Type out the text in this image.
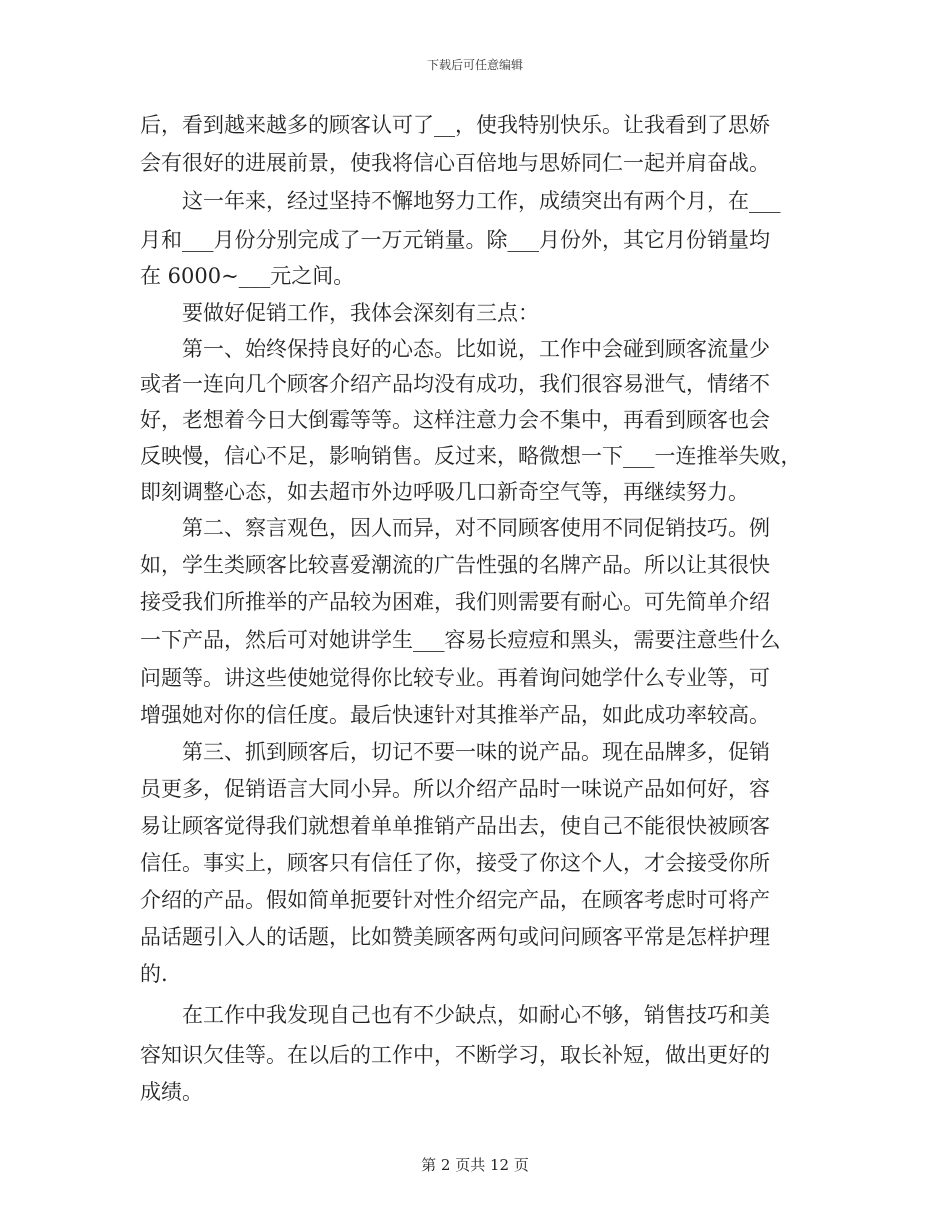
下载后可任意编辑
后，看到越来越多的顾客认可了__，使我特别快乐。让我看到了思娇
会有很好的进展前景，使我将信心百倍地与思娇同仁一起并肩奋战。
　　这一年来，经过坚持不懈地努力工作，成绩突出有两个月，在___
月和___月份分别完成了一万元销量。除___月份外，其它月份销量均
在 6000~___元之间。
　　要做好促销工作，我体会深刻有三点：
　　第一、始终保持良好的心态。比如说，工作中会碰到顾客流量少
或者一连向几个顾客介绍产品均没有成功，我们很容易泄气，情绪不
好，老想着今日大倒霉等等。这样注意力会不集中，再看到顾客也会
反映慢，信心不足，影响销售。反过来，略微想一下___一连推举失败，
即刻调整心态，如去超市外边呼吸几口新奇空气等，再继续努力。
　　第二、察言观色，因人而异，对不同顾客使用不同促销技巧。例
如，学生类顾客比较喜爱潮流的广告性强的名牌产品。所以让其很快
接受我们所推举的产品较为困难，我们则需要有耐心。可先简单介绍
一下产品，然后可对她讲学生___容易长痘痘和黑头，需要注意些什么
问题等。讲这些使她觉得你比较专业。再着询问她学什么专业等，可
增强她对你的信任度。最后快速针对其推举产品，如此成功率较高。
　　第三、抓到顾客后，切记不要一味的说产品。现在品牌多，促销
员更多，促销语言大同小异。所以介绍产品时一味说产品如何好，容
易让顾客觉得我们就想着单单推销产品出去，使自己不能很快被顾客
信任。事实上，顾客只有信任了你，接受了你这个人，才会接受你所
介绍的产品。假如简单扼要针对性介绍完产品，在顾客考虑时可将产
品话题引入人的话题，比如赞美顾客两句或问问顾客平常是怎样护理
的.
　　在工作中我发现自己也有不少缺点，如耐心不够，销售技巧和美
容知识欠佳等。在以后的工作中，不断学习，取长补短，做出更好的
成绩。
第 2 页共 12 页
